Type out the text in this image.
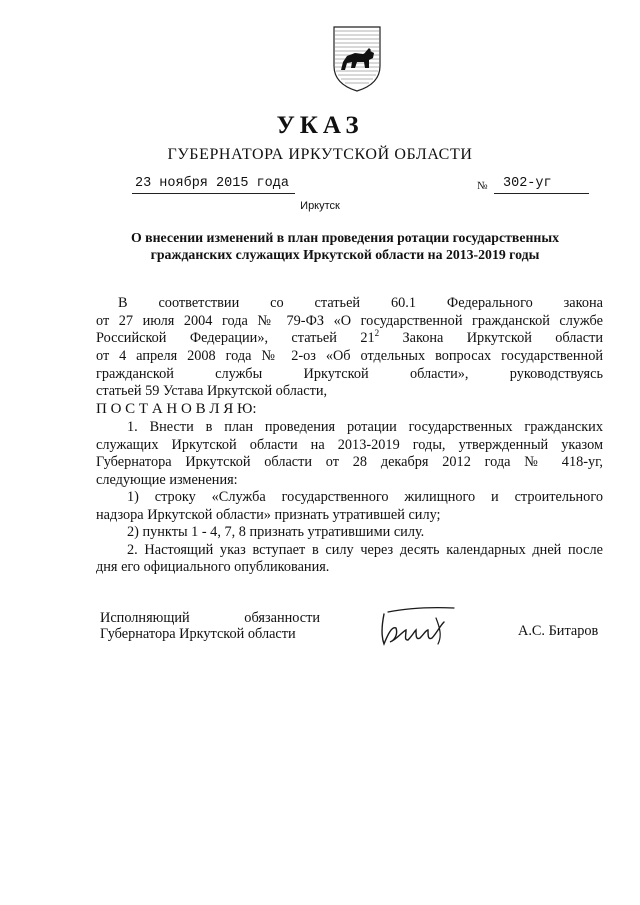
УКАЗ
ГУБЕРНАТОРА ИРКУТСКОЙ ОБЛАСТИ
23 ноября 2015 года	№	302-уг
Иркутск
О внесении изменений в план проведения ротации государственных
гражданских служащих Иркутской области на 2013-2019 годы
В соответствии со статьей 60.1 Федерального закона
от 27 июля 2004 года № 79-ФЗ «О государственной гражданской службе
Российской Федерации», статьей $21^2$ Закона Иркутской области
от 4 апреля 2008 года № 2-оз «Об отдельных вопросах государственной
гражданской службы Иркутской области», руководствуясь
статьей 59 Устава Иркутской области,
П О С Т А Н О В Л Я Ю:
1. Внести в план проведения ротации государственных гражданских
служащих Иркутской области на 2013-2019 годы, утвержденный указом
Губернатора Иркутской области от 28 декабря 2012 года № 418-уг,
следующие изменения:
1) строку «Служба государственного жилищного и строительного
надзора Иркутской области» признать утратившей силу;
2) пункты 1 - 4, 7, 8 признать утратившими силу.
2. Настоящий указ вступает в силу через десять календарных дней после
дня его официального опубликования.
Исполняющий обязанности
Губернатора Иркутской области	А.С. Битаров
